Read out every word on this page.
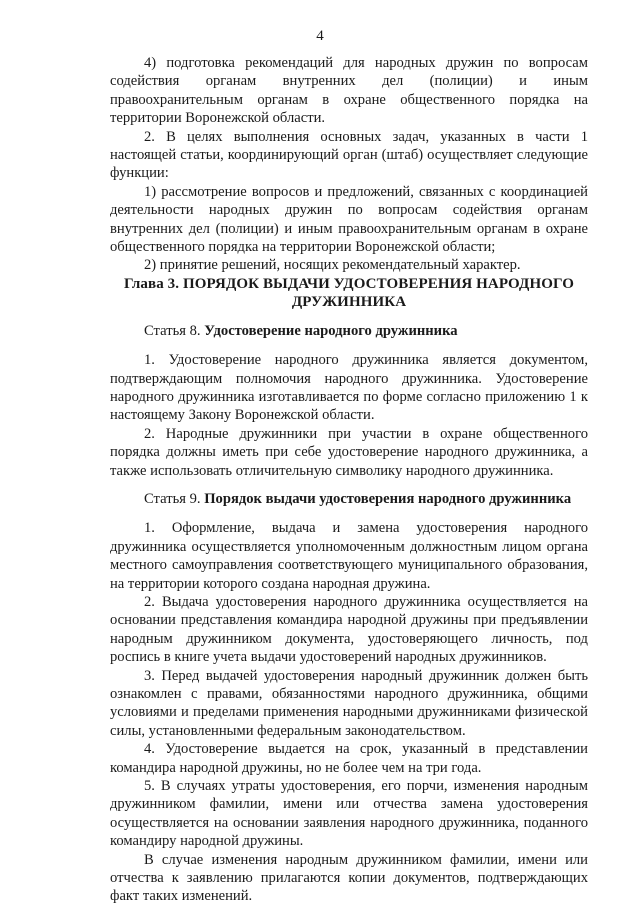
4

4) подготовка рекомендаций для народных дружин по вопросам содействия органам внутренних дел (полиции) и иным правоохранительным органам в охране общественного порядка на территории Воронежской области.

2. В целях выполнения основных задач, указанных в части 1 настоящей статьи, координирующий орган (штаб) осуществляет следующие функции:

1) рассмотрение вопросов и предложений, связанных с координацией деятельности народных дружин по вопросам содействия органам внутренних дел (полиции) и иным правоохранительным органам в охране общественного порядка на территории Воронежской области;

2) принятие решений, носящих рекомендательный характер.

Глава 3. ПОРЯДОК ВЫДАЧИ УДОСТОВЕРЕНИЯ НАРОДНОГО
ДРУЖИННИКА
Статья 8. Удостоверение народного дружинника

1. Удостоверение народного дружинника является документом, подтверждающим полномочия народного дружинника. Удостоверение народного дружинника изготавливается по форме согласно приложению 1 к настоящему Закону Воронежской области.

2. Народные дружинники при участии в охране общественного порядка должны иметь при себе удостоверение народного дружинника, а также использовать отличительную символику народного дружинника.

Статья 9. Порядок выдачи удостоверения народного дружинника

1. Оформление, выдача и замена удостоверения народного дружинника осуществляется уполномоченным должностным лицом органа местного самоуправления соответствующего муниципального образования, на территории которого создана народная дружина.

2. Выдача удостоверения народного дружинника осуществляется на основании представления командира народной дружины при предъявлении народным дружинником документа, удостоверяющего личность, под роспись в книге учета выдачи удостоверений народных дружинников.

3. Перед выдачей удостоверения народный дружинник должен быть ознакомлен с правами, обязанностями народного дружинника, общими условиями и пределами применения народными дружинниками физической силы, установленными федеральным законодательством.

4. Удостоверение выдается на срок, указанный в представлении командира народной дружины, но не более чем на три года.

5. В случаях утраты удостоверения, его порчи, изменения народным дружинником фамилии, имени или отчества замена удостоверения осуществляется на основании заявления народного дружинника, поданного командиру народной дружины.

В случае изменения народным дружинником фамилии, имени или отчества к заявлению прилагаются копии документов, подтверждающих факт таких изменений.
